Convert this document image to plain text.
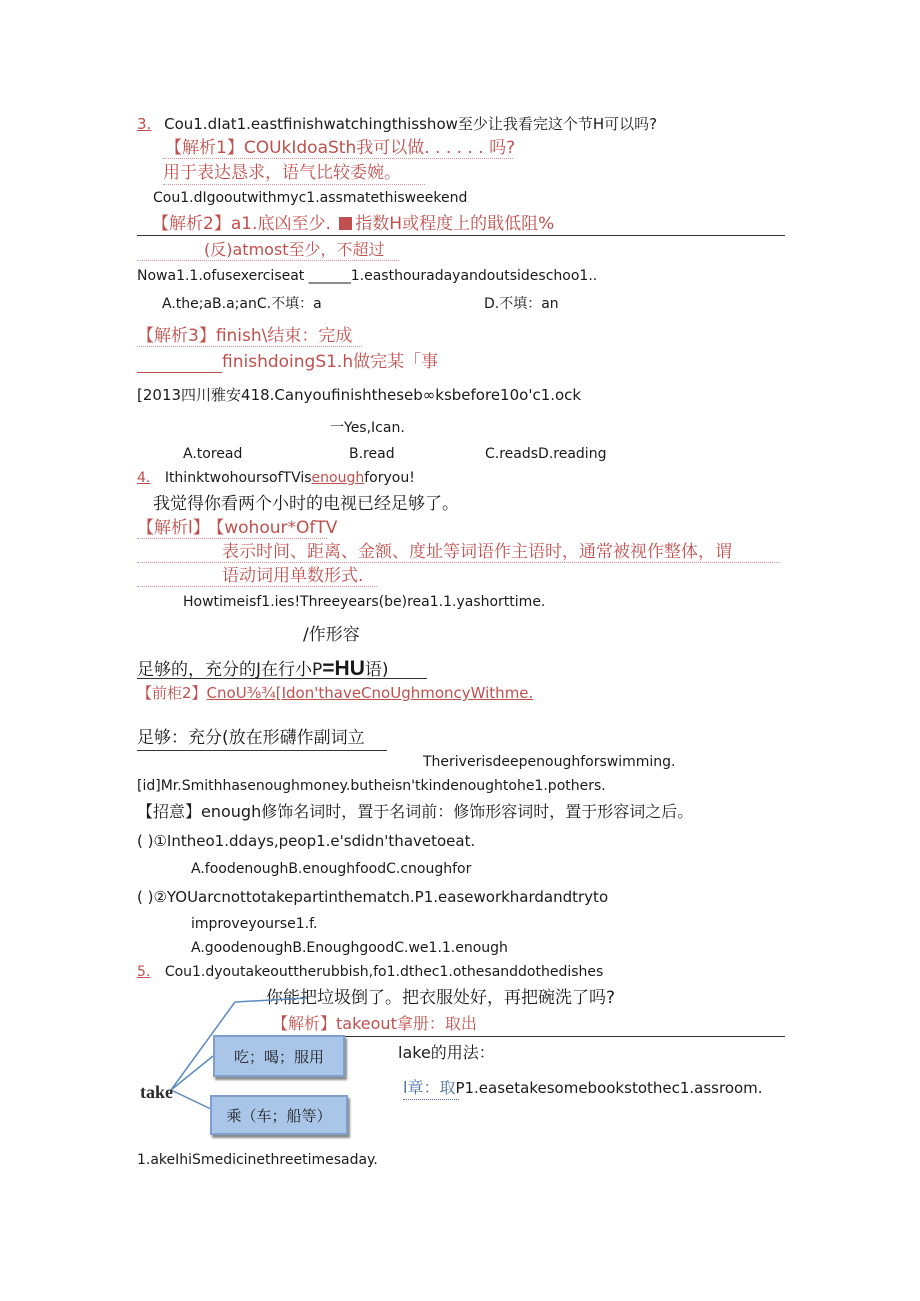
3. Cou1.dIat1.eastfinishwatchingthisshow至少让我看完这个节H可以吗?
【解析1】COUkIdoaSth我可以做. . . . . . 吗?
用于表达恳求，语气比较委婉。
Cou1.dIgooutwithmyc1.assmatethisweekend
【解析2】a1.底凶至少. 指数H或程度上的戢低阻%
(反)atmost至少，不超过
Nowa1.1.ofusexerciseat ______1.easthouradayandoutsideschoo1..
A.the;aB.a;anC.不填：a	D.不填：an
【解析3】finish\结束：完成
finishdoingS1.h做完某「事
[2013四川雅安418.Canyoufinishtheseb∞ksbefore10o'c1.ock
一Yes,Ican.
A.toread	B.read	C.readsD.reading
4. IthinktwohoursofTVisenoughforyou!
我觉得你看两个小时的电视已经足够了。
【解析l】 【wohour*OfTV
表示时间、距离、金额、度址等词语作主语时，通常被视作整体，谓
语动词用单数形式.
Howtimeisf1.ies!Threeyears(be)rea1.1.yashorttime.
/作形容
足够的，充分的J在行小P=HU语)
【前柜2】CnoU⅜¾[Idon'thaveCnoUghmoncyWithme.
足够：充分(放在形礴作副词立
Theriverisdeepenoughforswimming.
[id]Mr.Smithhasenoughmoney.butheisn'tkindenoughtohe1.pothers.
【招意】enough修饰名词时，置于名词前：修饰形容词时，置于形容词之后。
( )①Intheo1.ddays,peop1.e'sdidn'thavetoeat.
A.foodenoughB.enoughfoodC.cnoughfor
( )②YOUarcnottotakepartinthematch.P1.easeworkhardandtryto
improveyourse1.f.
A.goodenoughB.EnoughgoodC.we1.1.enough
5. Cou1.dyoutakeouttherubbish,fo1.dthec1.othesanddothedishes
你能把垃圾倒了。把衣服处好，再把碗洗了吗?
【解析】takeout拿册：取出
take
吃；喝；服用
乘（车；船等）
lake的用法：
l章：取P1.easetakesomebookstothec1.assroom.
1.akeIhiSmedicinethreetimesaday.
